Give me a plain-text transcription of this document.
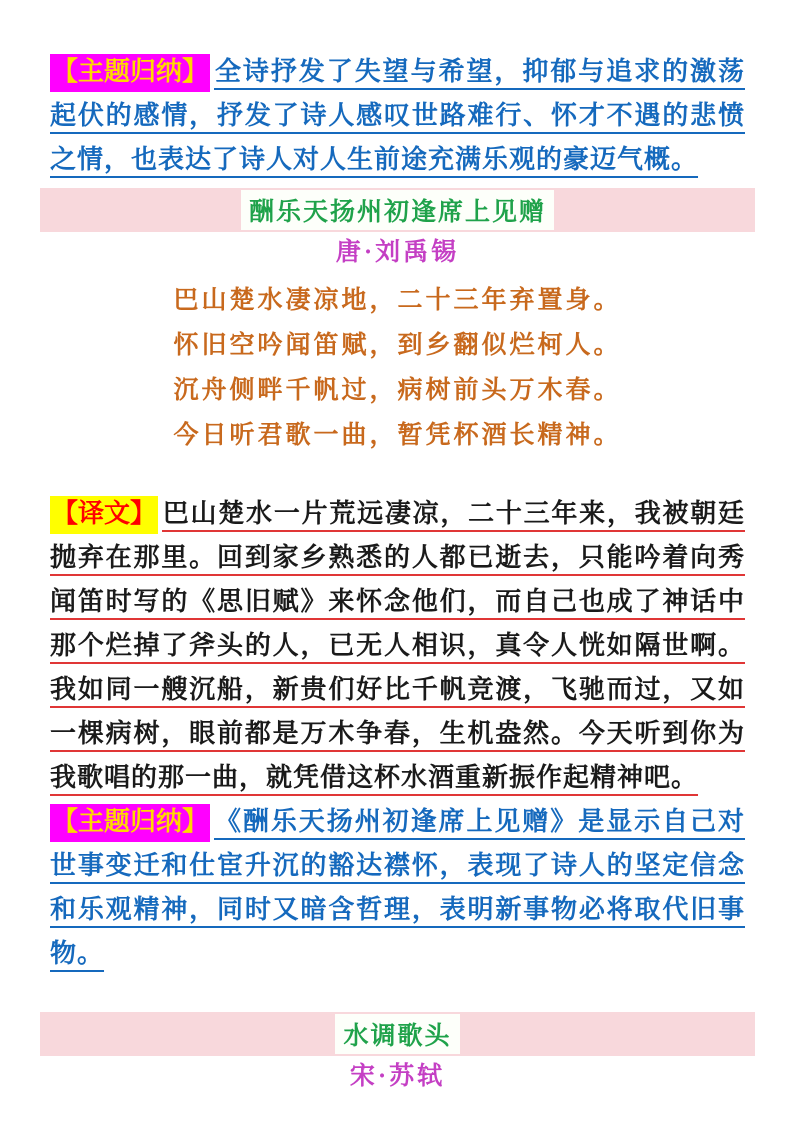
【主题归纳】 全诗抒发了失望与希望，抑郁与追求的激荡起伏的感情，抒发了诗人感叹世路难行、怀才不遇的悲愤之情，也表达了诗人对人生前途充满乐观的豪迈气概。

酬乐天扬州初逢席上见赠
唐·刘禹锡
巴山楚水凄凉地，二十三年弃置身。
怀旧空吟闻笛赋，到乡翻似烂柯人。
沉舟侧畔千帆过，病树前头万木春。
今日听君歌一曲，暂凭杯酒长精神。

【译文】 巴山楚水一片荒远凄凉，二十三年来，我被朝廷抛弃在那里。回到家乡熟悉的人都已逝去，只能吟着向秀闻笛时写的《思旧赋》来怀念他们，而自己也成了神话中那个烂掉了斧头的人，已无人相识，真令人恍如隔世啊。我如同一艘沉船，新贵们好比千帆竞渡，飞驰而过，又如一棵病树，眼前都是万木争春，生机盎然。今天听到你为我歌唱的那一曲，就凭借这杯水酒重新振作起精神吧。

【主题归纳】 《酬乐天扬州初逢席上见赠》是显示自己对世事变迁和仕宦升沉的豁达襟怀，表现了诗人的坚定信念和乐观精神，同时又暗含哲理，表明新事物必将取代旧事物。

水调歌头
宋·苏轼
